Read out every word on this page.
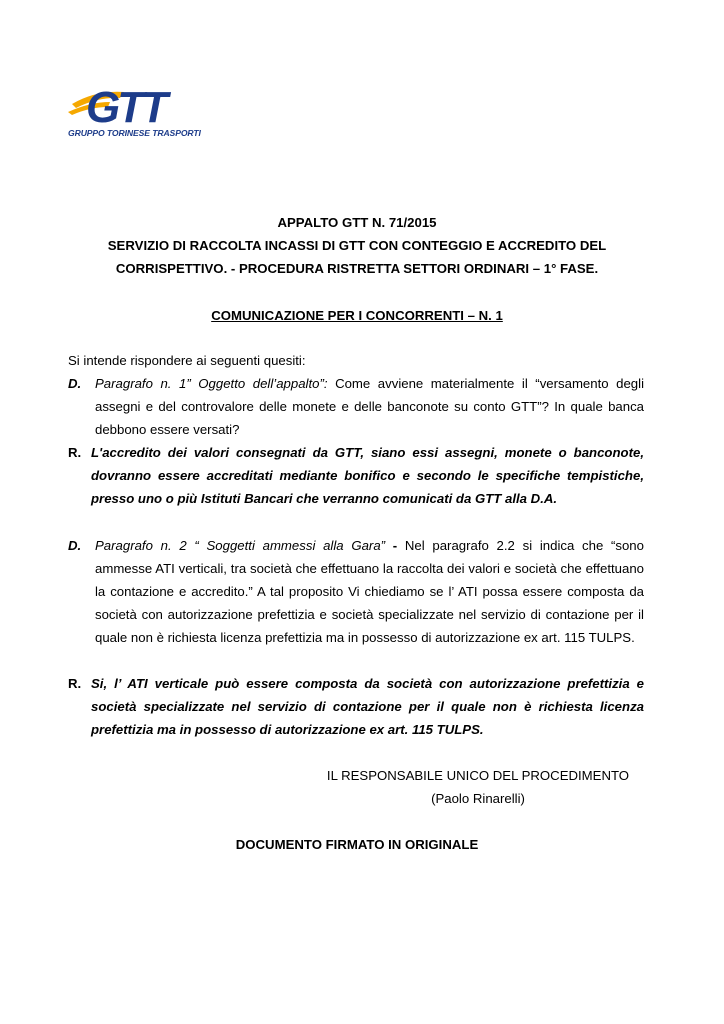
GTT
GRUPPO TORINESE TRASPORTI
APPALTO GTT N. 71/2015
SERVIZIO DI RACCOLTA INCASSI DI GTT CON CONTEGGIO E ACCREDITO DEL
CORRISPETTIVO. - PROCEDURA RISTRETTA SETTORI ORDINARI – 1° FASE.
COMUNICAZIONE PER I CONCORRENTI – N. 1
Si intende rispondere ai seguenti quesiti:
D. Paragrafo n. 1” Oggetto dell’appalto”: Come avviene materialmente il “versamento degli assegni e del controvalore delle monete e delle banconote su conto GTT”? In quale banca debbono essere versati?
R. L'accredito dei valori consegnati da GTT, siano essi assegni, monete o banconote, dovranno essere accreditati mediante bonifico e secondo le specifiche tempistiche, presso uno o più Istituti Bancari che verranno comunicati da GTT alla D.A.
D. Paragrafo n. 2 “ Soggetti ammessi alla Gara” - Nel paragrafo 2.2 si indica che “sono ammesse ATI verticali, tra società che effettuano la raccolta dei valori e società che effettuano la contazione e accredito.” A tal proposito Vi chiediamo se l’ ATI possa essere composta da società con autorizzazione prefettizia e società specializzate nel servizio di contazione per il quale non è richiesta licenza prefettizia ma in possesso di autorizzazione ex art. 115 TULPS.
R. Si, l’ ATI verticale può essere composta da società con autorizzazione prefettizia e società specializzate nel servizio di contazione per il quale non è richiesta licenza prefettizia ma in possesso di autorizzazione ex art. 115 TULPS.
IL RESPONSABILE UNICO DEL PROCEDIMENTO
(Paolo Rinarelli)
DOCUMENTO FIRMATO IN ORIGINALE
